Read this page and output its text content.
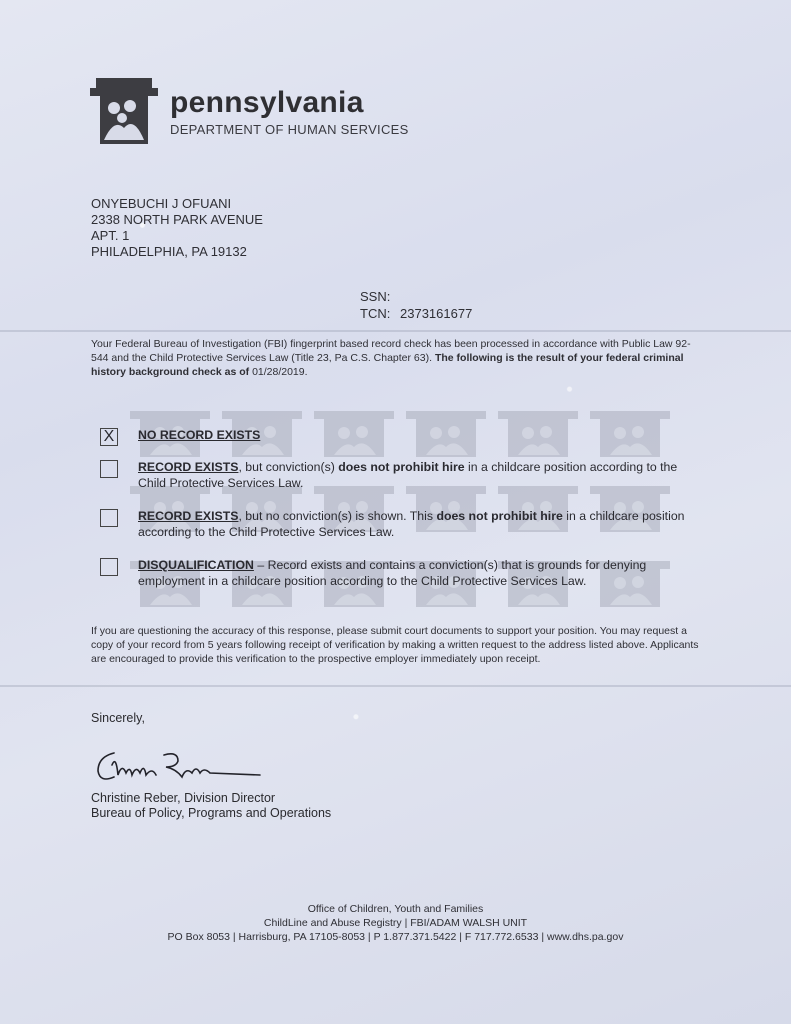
pennsylvania
DEPARTMENT OF HUMAN SERVICES
ONYEBUCHI J OFUANI
2338 NORTH PARK AVENUE
APT. 1
PHILADELPHIA, PA 19132
SSN:
TCN: 2373161677
Your Federal Bureau of Investigation (FBI) fingerprint based record check has been processed in accordance with Public Law 92-544 and the Child Protective Services Law (Title 23, Pa C.S. Chapter 63). The following is the result of your federal criminal history background check as of 01/28/2019.
X NO RECORD EXISTS
RECORD EXISTS, but conviction(s) does not prohibit hire in a childcare position according to the Child Protective Services Law.
RECORD EXISTS, but no conviction(s) is shown. This does not prohibit hire in a childcare position according to the Child Protective Services Law.
DISQUALIFICATION – Record exists and contains a conviction(s) that is grounds for denying employment in a childcare position according to the Child Protective Services Law.
If you are questioning the accuracy of this response, please submit court documents to support your position. You may request a copy of your record from 5 years following receipt of verification by making a written request to the address listed above. Applicants are encouraged to provide this verification to the prospective employer immediately upon receipt.
Sincerely,
Christine Reber, Division Director
Bureau of Policy, Programs and Operations
Office of Children, Youth and Families
ChildLine and Abuse Registry | FBI/ADAM WALSH UNIT
PO Box 8053 | Harrisburg, PA 17105-8053 | P 1.877.371.5422 | F 717.772.6533 | www.dhs.pa.gov
